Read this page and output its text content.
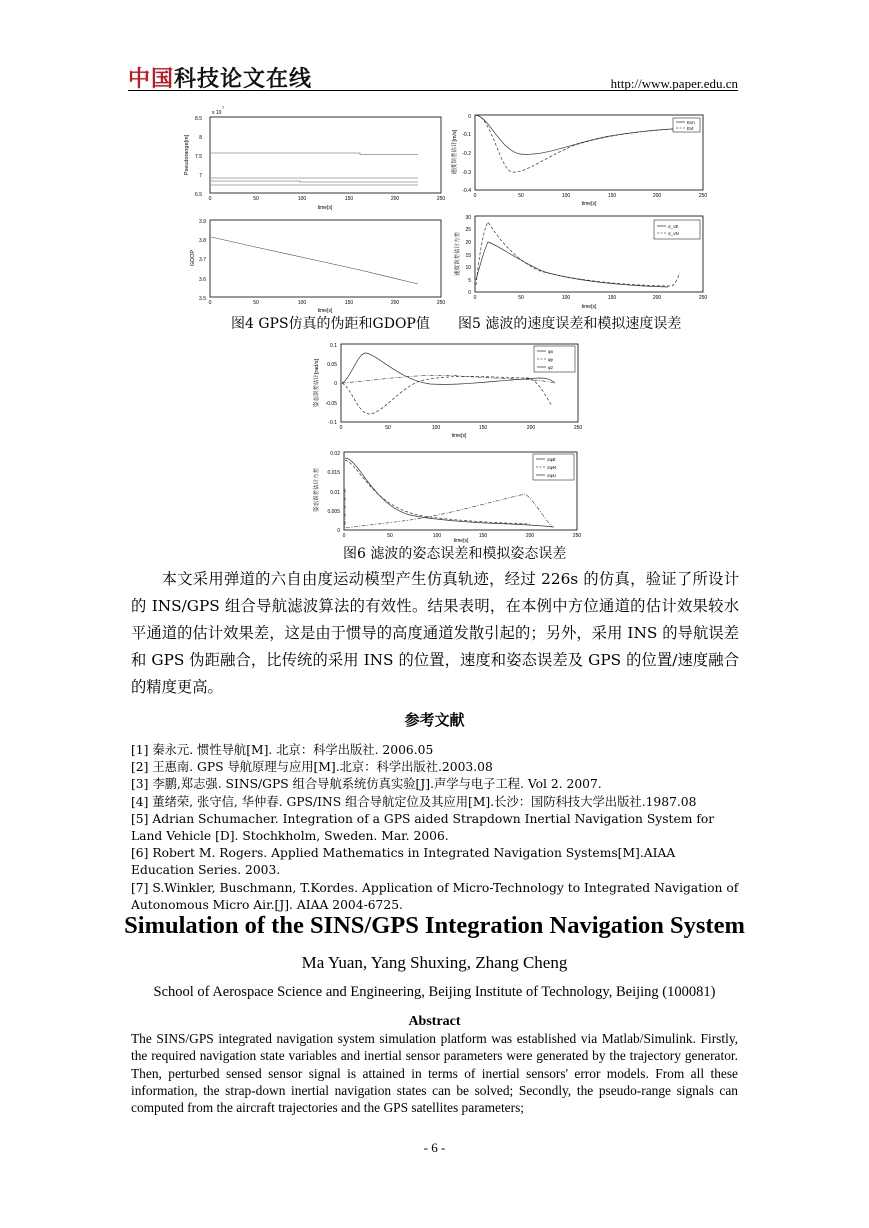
中国科技论文在线	http://www.paper.edu.cn
Pseudorange[m]
x 10
7
8.5
8
7.5
7
6.5
0	50	100	150	200	250
time[s]
GDOP
3.9
3.8
3.7
3.6
3.5
0	50	100	150	200	250
time[s]
速度误差估计[m/s]
0
-0.1
-0.2
-0.3
-0.4
0	50	100	150	200	250
time[s]
Evn
Evt
速度误差估计方差
30
25
20
15
10
5
0
0	50	100	150	200	250
time[s]
σ_vE
σ_vN
图4 GPS仿真的伪距和GDOP值 图5 滤波的速度误差和模拟速度误差
姿态误差估计[rad/s]
0.1
0.05
0
-0.05
-0.1
0	50	100	150	200	250
time[s]
φx
φy
φz
姿态误差估计方差
0.02
0.015
0.01
0.005
0
0	50	100	150	200	250
time[s]
σφE
σφN
σφU
图6 滤波的姿态误差和模拟姿态误差
本文采用弹道的六自由度运动模型产生仿真轨迹，经过 226s 的仿真，验证了所设计的 INS/GPS 组合导航滤波算法的有效性。结果表明，在本例中方位通道的估计效果较水平通道的估计效果差，这是由于惯导的高度通道发散引起的；另外，采用 INS 的导航误差和 GPS 伪距融合，比传统的采用 INS 的位置，速度和姿态误差及 GPS 的位置/速度融合的精度更高。
参考文献
[1] 秦永元. 惯性导航[M]. 北京：科学出版社. 2006.05
[2] 王惠南. GPS 导航原理与应用[M].北京：科学出版社.2003.08
[3] 李鹏,郑志强. SINS/GPS 组合导航系统仿真实验[J].声学与电子工程. Vol 2. 2007.
[4] 董绪荣, 张守信, 华仲春. GPS/INS 组合导航定位及其应用[M].长沙：国防科技大学出版社.1987.08
[5] Adrian Schumacher. Integration of a GPS aided Strapdown Inertial Navigation System for Land Vehicle [D]. Stochkholm, Sweden. Mar. 2006.
[6] Robert M. Rogers. Applied Mathematics in Integrated Navigation Systems[M].AIAA Education Series. 2003.
[7] S.Winkler, Buschmann, T.Kordes. Application of Micro-Technology to Integrated Navigation of Autonomous Micro Air.[J]. AIAA 2004-6725.
Simulation of the SINS/GPS Integration Navigation System
Ma Yuan, Yang Shuxing, Zhang Cheng
School of Aerospace Science and Engineering, Beijing Institute of Technology, Beijing (100081)
Abstract
The SINS/GPS integrated navigation system simulation platform was established via Matlab/Simulink. Firstly, the required navigation state variables and inertial sensor parameters were generated by the trajectory generator. Then, perturbed sensed sensor signal is attained in terms of inertial sensors' error models. From all these information, the strap-down inertial navigation states can be solved; Secondly, the pseudo-range signals can computed from the aircraft trajectories and the GPS satellites parameters;
- 6 -
